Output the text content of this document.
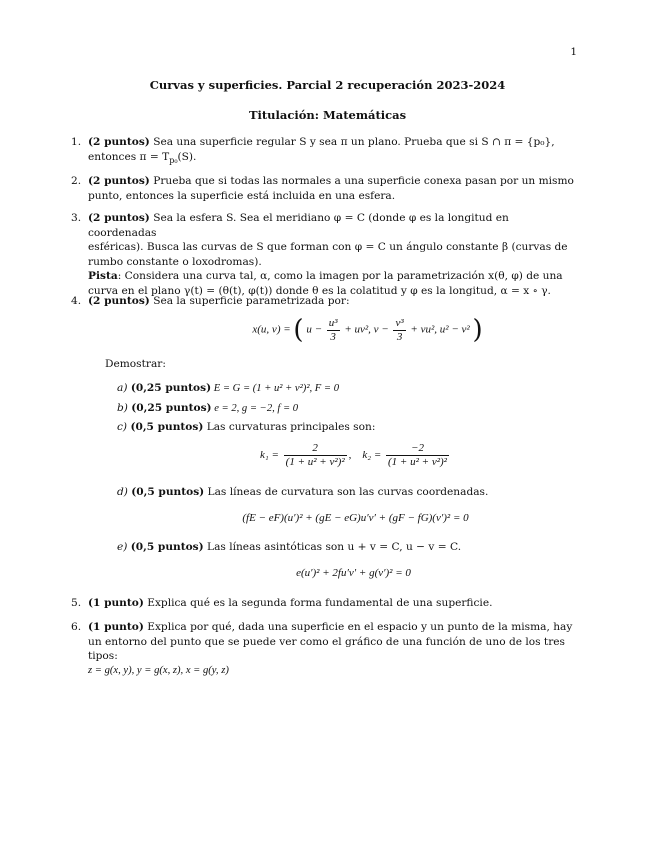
1
Curvas y superficies. Parcial 2 recuperación 2023-2024
Titulación: Matemáticas
1. (2 puntos) Sea una superficie regular S y sea π un plano. Prueba que si S ∩ π = {p₀},
entonces $\pi = T_{p_0}(S)$.
2. (2 puntos) Prueba que si todas las normales a una superficie conexa pasan por un mismo
punto, entonces la superficie está incluida en una esfera.
3. (2 puntos) Sea la esfera S. Sea el meridiano φ = C (donde φ es la longitud en coordenadas
esféricas). Busca las curvas de S que forman con φ = C un ángulo constante β (curvas de
rumbo constante o loxodromas).
Pista: Considera una curva tal, α, como la imagen por la parametrización x(θ, φ) de una
curva en el plano γ(t) = (θ(t), φ(t)) donde θ es la colatitud y φ es la longitud, α = x ∘ γ.
4. (2 puntos) Sea la superficie parametrizada por:
x(u, v) = ( $u - \frac{\text{u³}}{3} + uv^2$, $v - \frac{\text{v³}}{3} + vu^2$, u² − v² )
Demostrar:
a) (0,25 puntos) E = G = (1 + u² + v²)², F = 0
b) (0,25 puntos) e = 2, g = −2, f = 0
c) (0,5 puntos) Las curvaturas principales son:
$k_1 = \frac{2}{\text{(1 + u² + v²)²}}$ , $k_2 = \frac{-2}{\text{(1 + u² + v²)²}}$
d) (0,5 puntos) Las líneas de curvatura son las curvas coordenadas.
(fE − eF)(u′)² + (gE − eG)u′v′ + (gF − fG)(v′)² = 0
e) (0,5 puntos) Las líneas asintóticas son u + v = C, u − v = C.
e(u′)² + 2fu′v′ + g(v′)² = 0
5. (1 punto) Explica qué es la segunda forma fundamental de una superficie.
6. (1 punto) Explica por qué, dada una superficie en el espacio y un punto de la misma, hay
un entorno del punto que se puede ver como el gráfico de una función de uno de los tres tipos:
z = g(x, y), y = g(x, z), x = g(y, z)
